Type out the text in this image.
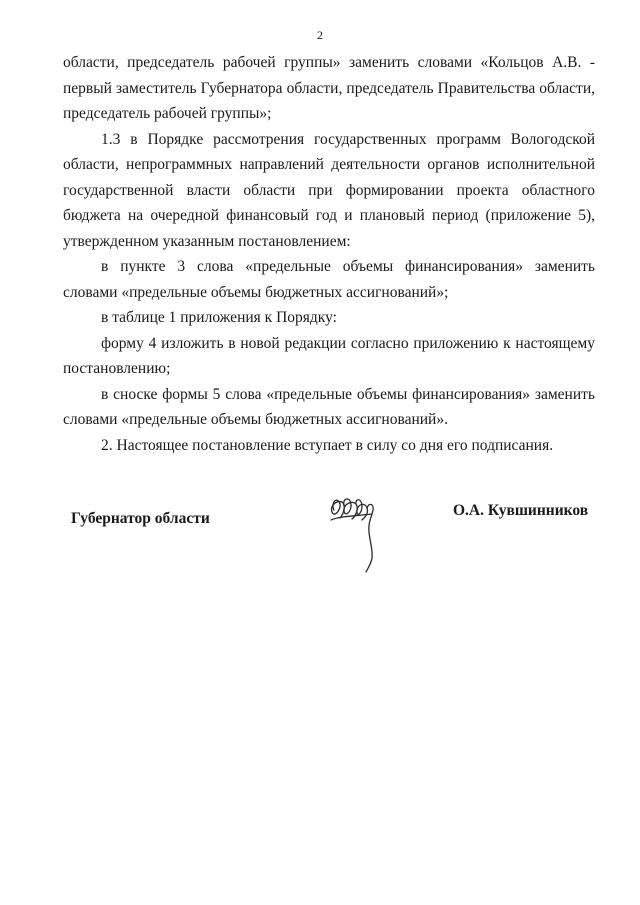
2

области, председатель рабочей группы» заменить словами «Кольцов А.В. - первый заместитель Губернатора области, председатель Правительства области, председатель рабочей группы»;

1.3 в Порядке рассмотрения государственных программ Вологодской области, непрограммных направлений деятельности органов исполнительной государственной власти области при формировании проекта областного бюджета на очередной финансовый год и плановый период (приложение 5), утвержденном указанным постановлением:

в пункте 3 слова «предельные объемы финансирования» заменить словами «предельные объемы бюджетных ассигнований»;

в таблице 1 приложения к Порядку:

форму 4 изложить в новой редакции согласно приложению к настоящему постановлению;

в сноске формы 5 слова «предельные объемы финансирования» заменить словами «предельные объемы бюджетных ассигнований».

2. Настоящее постановление вступает в силу со дня его подписания.

Губернатор области	О.А. Кувшинников
